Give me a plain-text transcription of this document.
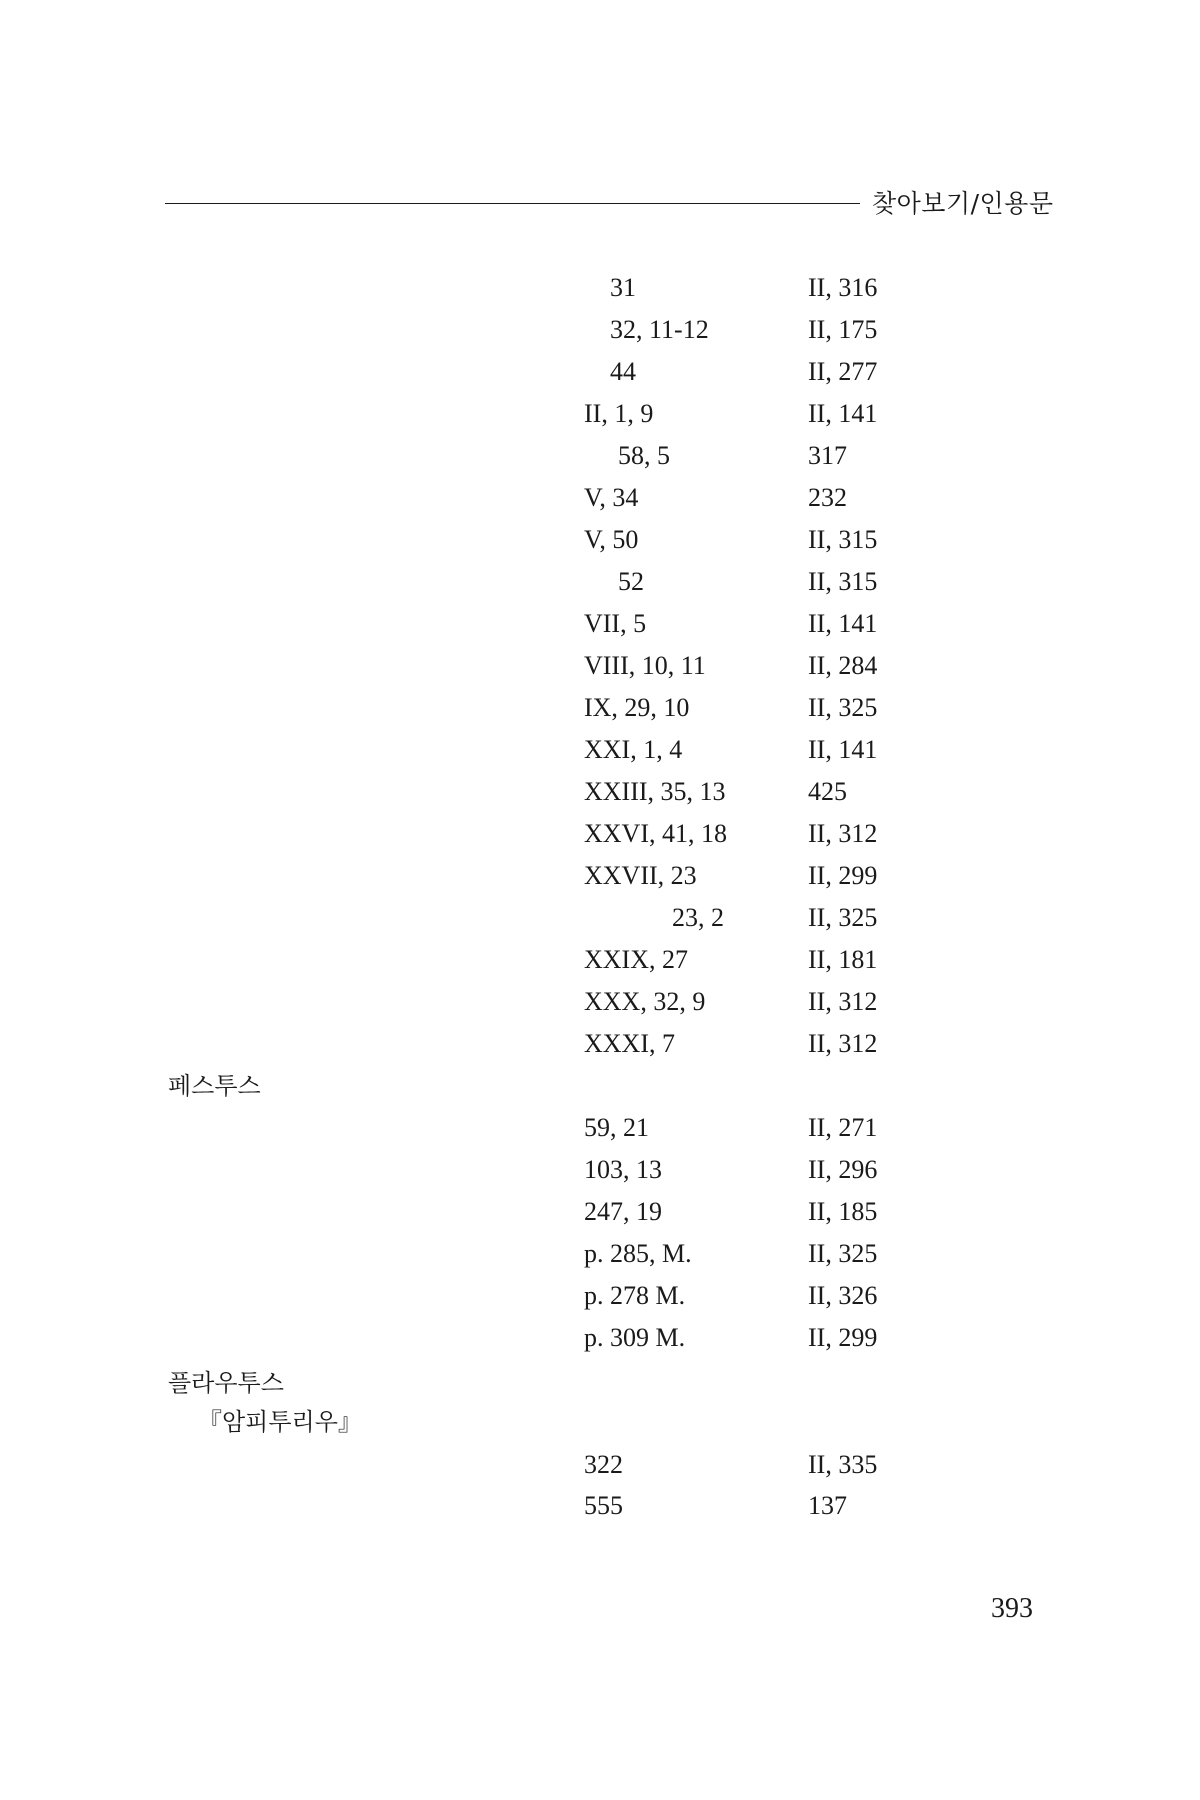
찾아보기/인용문
31	II, 316
32, 11-12	II, 175
44	II, 277
II, 1, 9	II, 141
58, 5	317
V, 34	232
V, 50	II, 315
52	II, 315
VII, 5	II, 141
VIII, 10, 11	II, 284
IX, 29, 10	II, 325
XXI, 1, 4	II, 141
XXIII, 35, 13	425
XXVI, 41, 18	II, 312
XXVII, 23	II, 299
23, 2	II, 325
XXIX, 27	II, 181
XXX, 32, 9	II, 312
XXXI, 7	II, 312
페스투스
59, 21	II, 271
103, 13	II, 296
247, 19	II, 185
p. 285, M.	II, 325
p. 278 M.	II, 326
p. 309 M.	II, 299
플라우투스
『암피투리우』
322	II, 335
555	137
393
